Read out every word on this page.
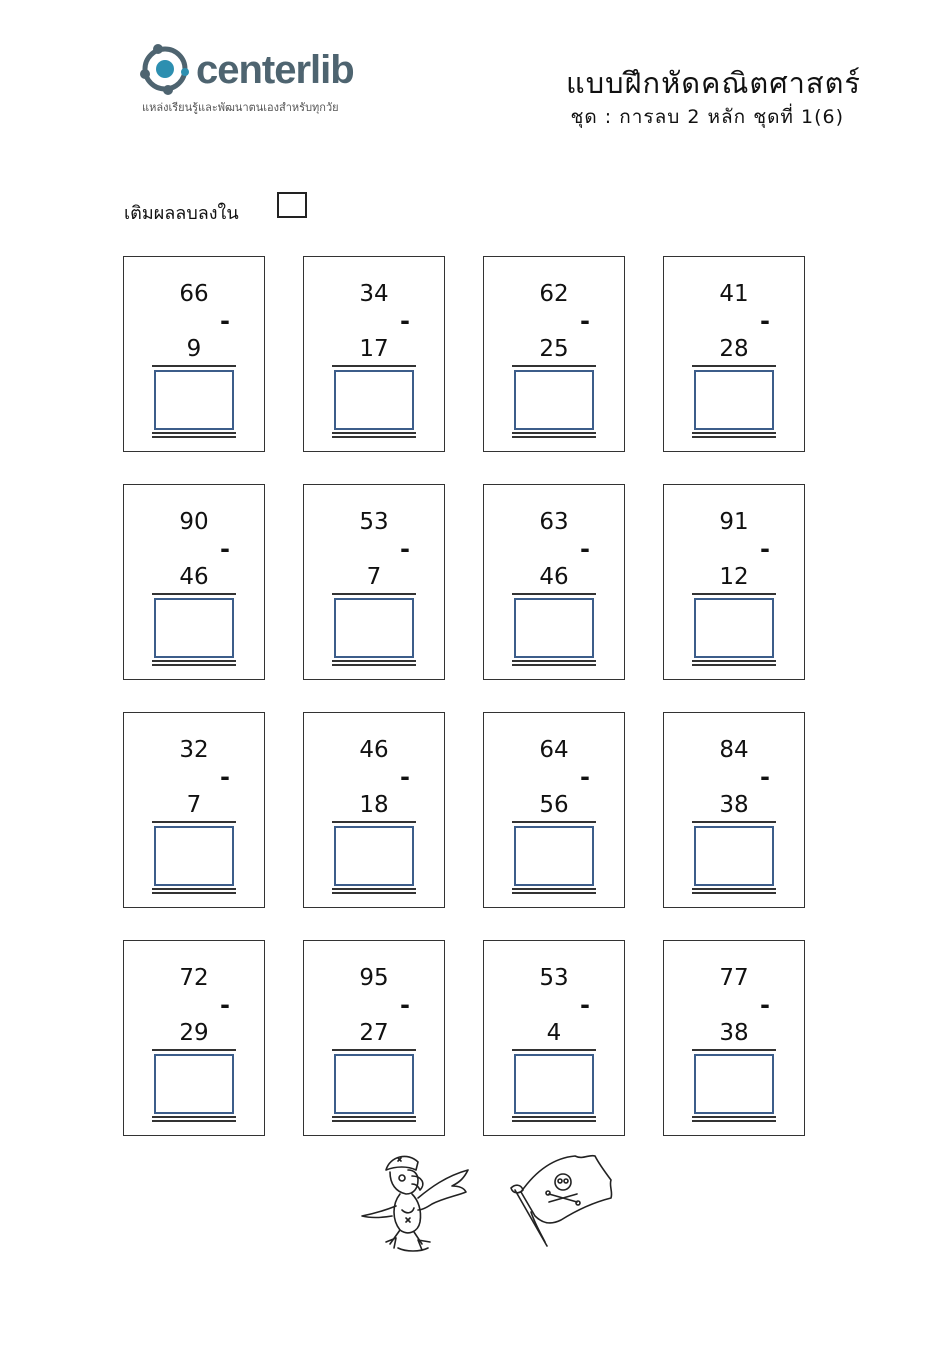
centerlib
แหล่งเรียนรู้และพัฒนาตนเองสำหรับทุกวัย
แบบฝึกหัดคณิตศาสตร์
ชุด : การลบ 2 หลัก ชุดที่ 1(6)
เติมผลลบลงใน
66
-
9
34
-
17
62
-
25
41
-
28
90
-
46
53
-
7
63
-
46
91
-
12
32
-
7
46
-
18
64
-
56
84
-
38
72
-
29
95
-
27
53
-
4
77
-
38
